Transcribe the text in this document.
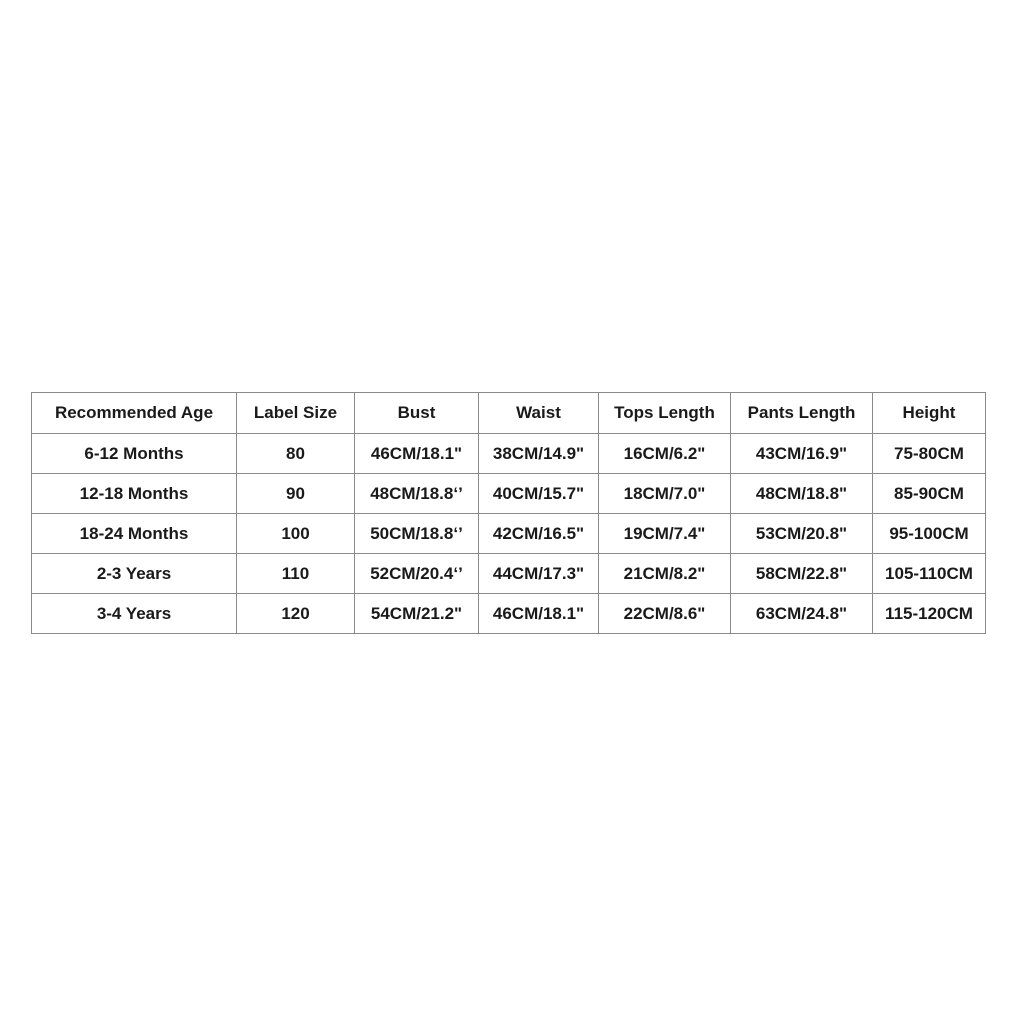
Recommended Age	Label Size	Bust	Waist	Tops Length	Pants Length	Height
6-12 Months	80	46CM/18.1"	38CM/14.9"	16CM/6.2"	43CM/16.9"	75-80CM
12-18 Months	90	48CM/18.8‘’	40CM/15.7"	18CM/7.0"	48CM/18.8"	85-90CM
18-24 Months	100	50CM/18.8‘’	42CM/16.5"	19CM/7.4"	53CM/20.8"	95-100CM
2-3 Years	110	52CM/20.4‘’	44CM/17.3"	21CM/8.2"	58CM/22.8"	105-110CM
3-4 Years	120	54CM/21.2"	46CM/18.1"	22CM/8.6"	63CM/24.8"	115-120CM
